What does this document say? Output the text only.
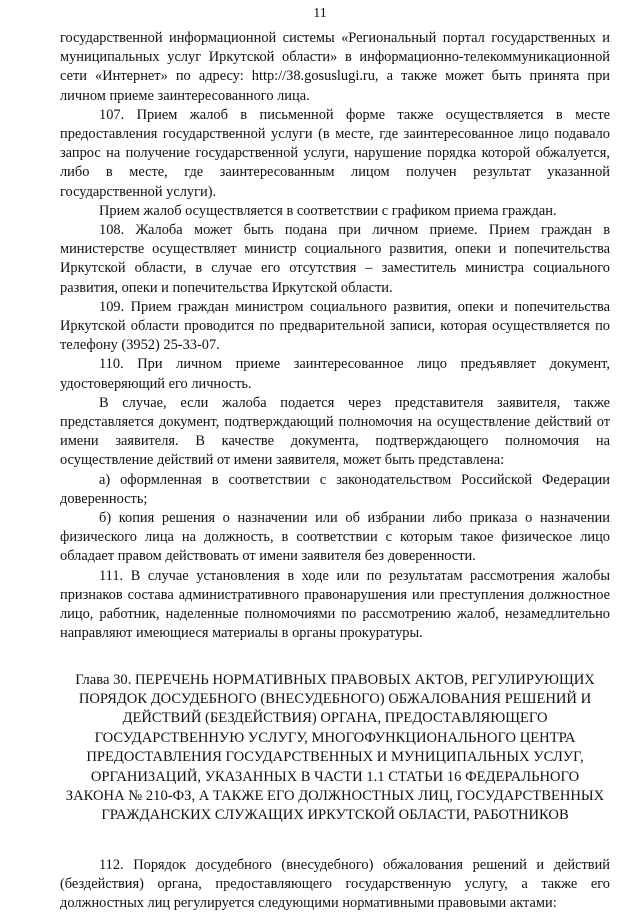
11

государственной информационной системы «Региональный портал государственных и муниципальных услуг Иркутской области» в информационно-телекоммуникационной сети «Интернет» по адресу: http://38.gosuslugi.ru, а также может быть принята при личном приеме заинтересованного лица.

107. Прием жалоб в письменной форме также осуществляется в месте предоставления государственной услуги (в месте, где заинтересованное лицо подавало запрос на получение государственной услуги, нарушение порядка которой обжалуется, либо в месте, где заинтересованным лицом получен результат указанной государственной услуги).

Прием жалоб осуществляется в соответствии с графиком приема граждан.

108. Жалоба может быть подана при личном приеме. Прием граждан в министерстве осуществляет министр социального развития, опеки и попечительства Иркутской области, в случае его отсутствия – заместитель министра социального развития, опеки и попечительства Иркутской области.

109. Прием граждан министром социального развития, опеки и попечительства Иркутской области проводится по предварительной записи, которая осуществляется по телефону (3952) 25-33-07.

110. При личном приеме заинтересованное лицо предъявляет документ, удостоверяющий его личность.

В случае, если жалоба подается через представителя заявителя, также представляется документ, подтверждающий полномочия на осуществление действий от имени заявителя. В качестве документа, подтверждающего полномочия на осуществление действий от имени заявителя, может быть представлена:

а) оформленная в соответствии с законодательством Российской Федерации доверенность;

б) копия решения о назначении или об избрании либо приказа о назначении физического лица на должность, в соответствии с которым такое физическое лицо обладает правом действовать от имени заявителя без доверенности.

111. В случае установления в ходе или по результатам рассмотрения жалобы признаков состава административного правонарушения или преступления должностное лицо, работник, наделенные полномочиями по рассмотрению жалоб, незамедлительно направляют имеющиеся материалы в органы прокуратуры.

Глава 30. ПЕРЕЧЕНЬ НОРМАТИВНЫХ ПРАВОВЫХ АКТОВ, РЕГУЛИРУЮЩИХ ПОРЯДОК ДОСУДЕБНОГО (ВНЕСУДЕБНОГО) ОБЖАЛОВАНИЯ РЕШЕНИЙ И ДЕЙСТВИЙ (БЕЗДЕЙСТВИЯ) ОРГАНА, ПРЕДОСТАВЛЯЮЩЕГО ГОСУДАРСТВЕННУЮ УСЛУГУ, МНОГОФУНКЦИОНАЛЬНОГО ЦЕНТРА ПРЕДОСТАВЛЕНИЯ ГОСУДАРСТВЕННЫХ И МУНИЦИПАЛЬНЫХ УСЛУГ, ОРГАНИЗАЦИЙ, УКАЗАННЫХ В ЧАСТИ 1.1 СТАТЬИ 16 ФЕДЕРАЛЬНОГО ЗАКОНА № 210-ФЗ, А ТАКЖЕ ЕГО ДОЛЖНОСТНЫХ ЛИЦ, ГОСУДАРСТВЕННЫХ ГРАЖДАНСКИХ СЛУЖАЩИХ ИРКУТСКОЙ ОБЛАСТИ, РАБОТНИКОВ

112. Порядок досудебного (внесудебного) обжалования решений и действий (бездействия) органа, предоставляющего государственную услугу, а также его должностных лиц регулируется следующими нормативными правовыми актами:
